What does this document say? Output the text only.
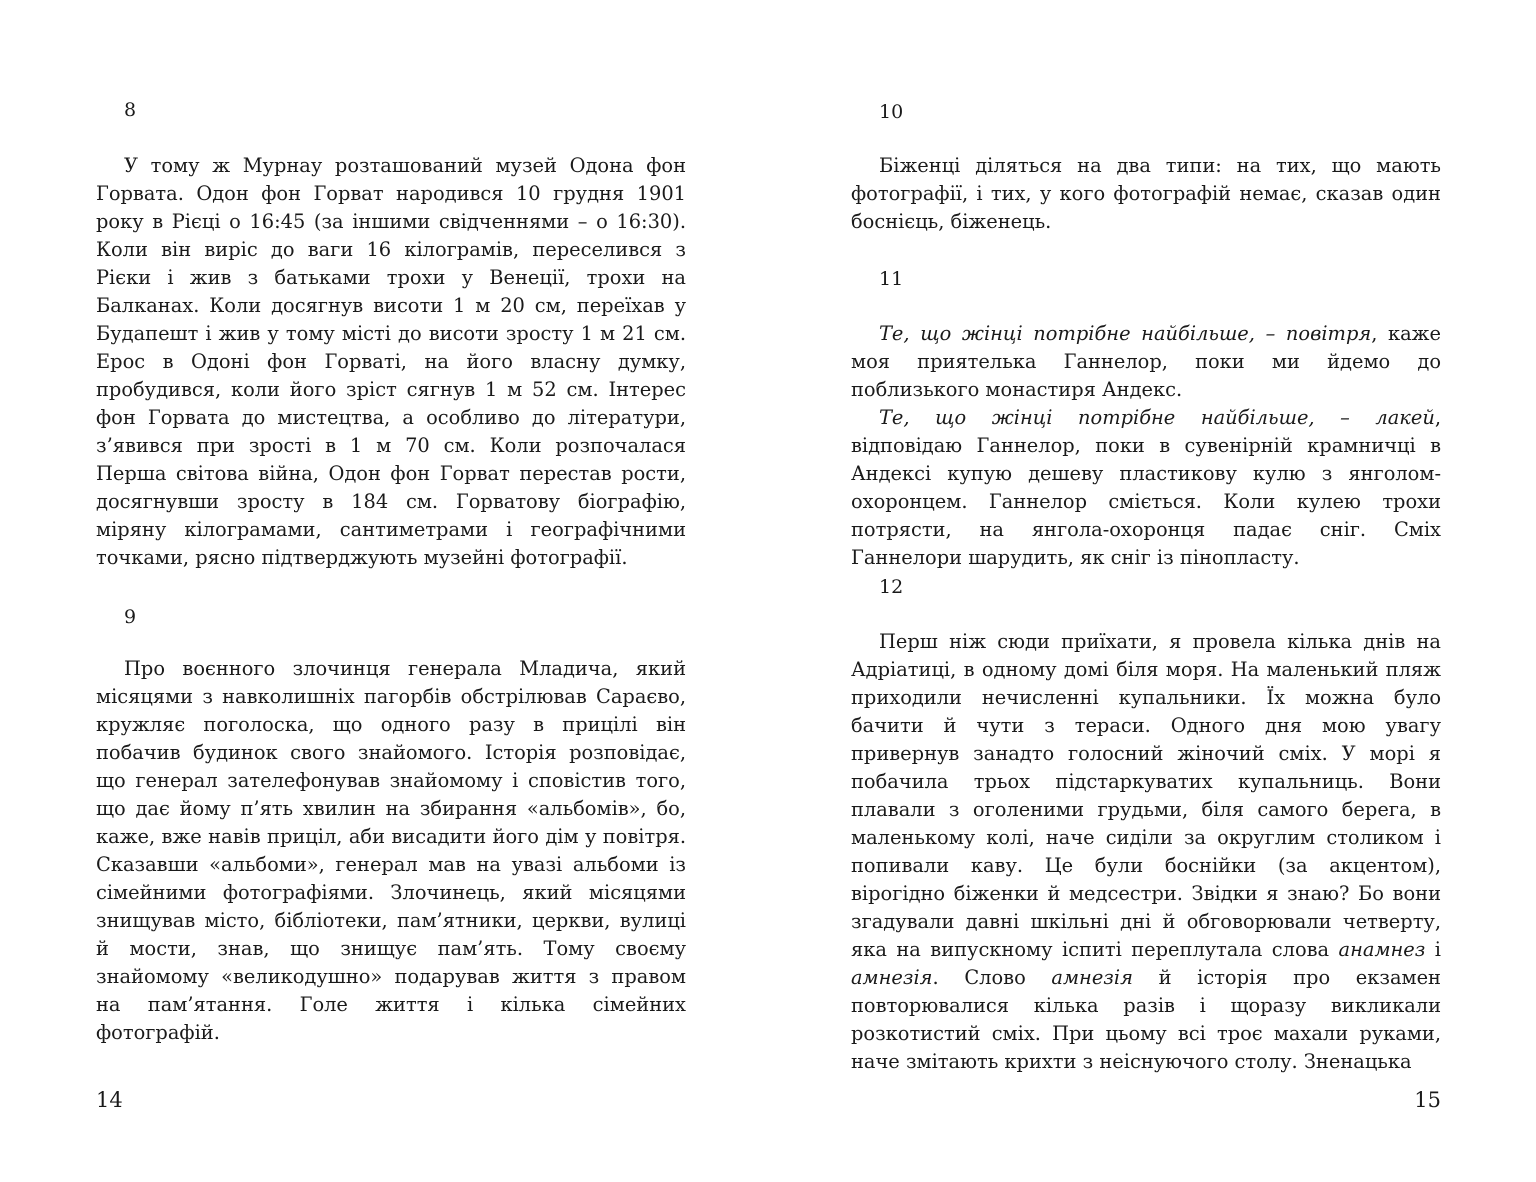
8

У тому ж Мурнау розташований музей Одона фон Горвата. Одон фон Горват народився 10 грудня 1901 року в Рієці о 16:45 (за іншими свідченнями – о 16:30). Коли він виріс до ваги 16 кілограмів, переселився з Рієки і жив з батьками трохи у Венеції, трохи на Балканах. Коли досягнув висоти 1 м 20 см, переїхав у Будапешт і жив у тому місті до висоти зросту 1 м 21 см. Ерос в Одоні фон Горваті, на його власну думку, пробудився, коли його зріст сягнув 1 м 52 см. Інтерес фон Горвата до мистецтва, а особливо до літератури, з’явився при зрості в 1 м 70 см. Коли розпочалася Перша світова війна, Одон фон Горват перестав рости, досягнувши зросту в 184 см. Горватову біографію, міряну кілограмами, сантиметрами і географічними точками, рясно підтверджують музейні фотографії.

9

Про воєнного злочинця генерала Младича, який місяцями з навколишніх пагорбів обстрілював Сараєво, кружляє поголоска, що одного разу в прицілі він побачив будинок свого знайомого. Історія розповідає, що генерал зателефонував знайомому і сповістив того, що дає йому п’ять хвилин на збирання «альбомів», бо, каже, вже навів приціл, аби висадити його дім у повітря. Сказавши «альбоми», генерал мав на увазі альбоми із сімейними фотографіями. Злочинець, який місяцями знищував місто, бібліотеки, пам’ятники, церкви, вулиці й мости, знав, що знищує пам’ять. Тому своєму знайомому «великодушно» подарував життя з правом на пам’ятання. Голе життя і кілька сімейних фотографій.

14
10

Біженці діляться на два типи: на тих, що мають фотографії, і тих, у кого фотографій немає, сказав один боснієць, біженець.

11

Те, що жінці потрібне найбільше, – повітря, каже моя приятелька Ганнелор, поки ми йдемо до поблизького монастиря Андекс.

Те, що жінці потрібне найбільше, – лакей, відповідаю Ганнелор, поки в сувенірній крамничці в Андексі купую дешеву пластикову кулю з янголом-охоронцем. Ганнелор сміється. Коли кулею трохи потрясти, на янгола-охоронця падає сніг. Сміх Ганнелори шарудить, як сніг із пінопласту.

12

Перш ніж сюди приїхати, я провела кілька днів на Адріатиці, в одному домі біля моря. На маленький пляж приходили нечисленні купальники. Їх можна було бачити й чути з тераси. Одного дня мою увагу привернув занадто голосний жіночий сміх. У морі я побачила трьох підстаркуватих купальниць. Вони плавали з оголеними грудьми, біля самого берега, в маленькому колі, наче сиділи за округлим столиком і попивали каву. Це були боснійки (за акцентом), вірогідно біженки й медсестри. Звідки я знаю? Бо вони згадували давні шкільні дні й обговорювали четверту, яка на випускному іспиті переплутала слова анамнез і амнезія. Слово амнезія й історія про екзамен повторювалися кілька разів і щоразу викликали розкотистий сміх. При цьому всі троє махали руками, наче змітають крихти з неіснуючого столу. Зненацька

15
